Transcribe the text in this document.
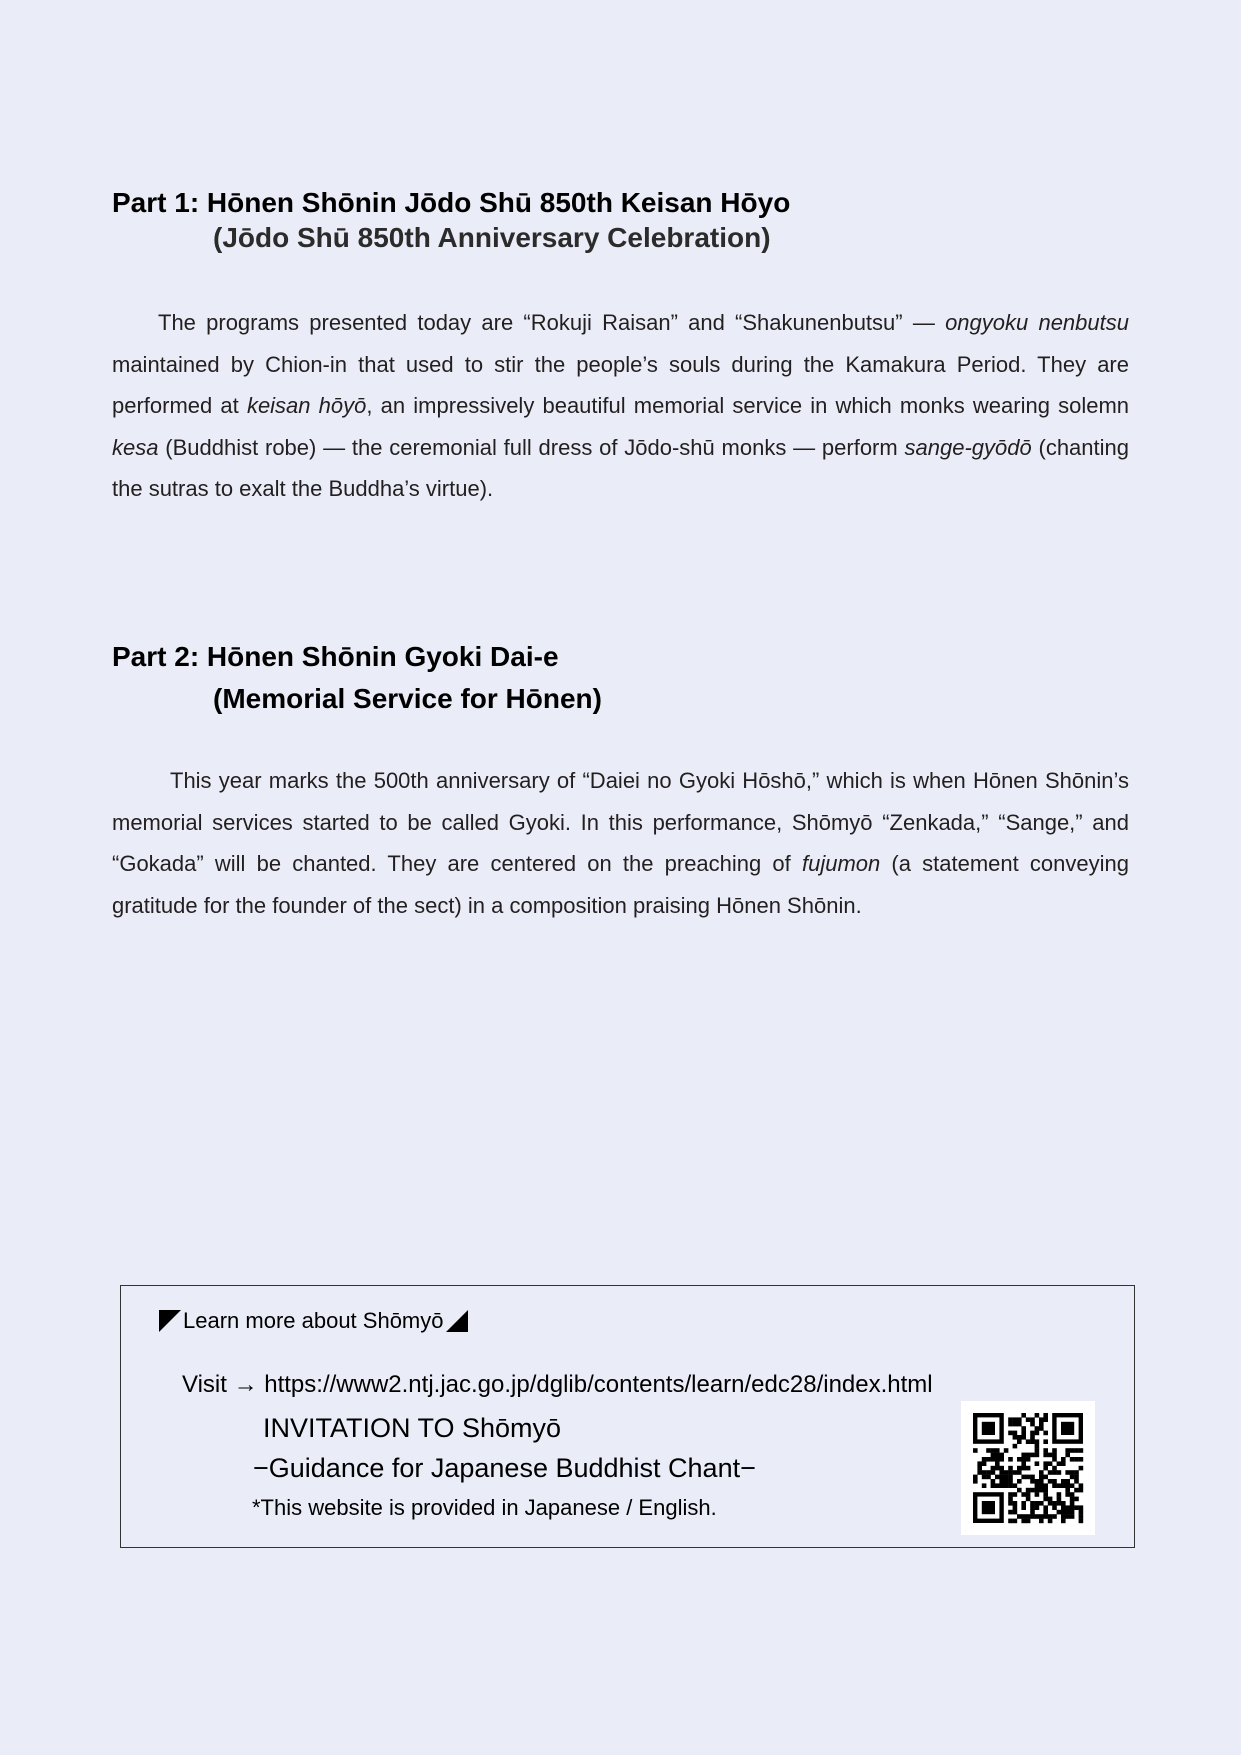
Part 1: Hōnen Shōnin Jōdo Shū 850th Keisan Hōyo
(Jōdo Shū 850th Anniversary Celebration)

The programs presented today are “Rokuji Raisan” and “Shakunenbutsu” — ongyoku nenbutsu maintained by Chion-in that used to stir the people’s souls during the Kamakura Period. They are performed at keisan hōyō, an impressively beautiful memorial service in which monks wearing solemn kesa (Buddhist robe) — the ceremonial full dress of Jōdo-shū monks — perform sange-gyōdō (chanting the sutras to exalt the Buddha’s virtue).

Part 2: Hōnen Shōnin Gyoki Dai-e
(Memorial Service for Hōnen)

This year marks the 500th anniversary of “Daiei no Gyoki Hōshō,” which is when Hōnen Shōnin’s memorial services started to be called Gyoki. In this performance, Shōmyō “Zenkada,” “Sange,” and “Gokada” will be chanted. They are centered on the preaching of fujumon (a statement conveying gratitude for the founder of the sect) in a composition praising Hōnen Shōnin.

Learn more about Shōmyō
Visit → https://www2.ntj.jac.go.jp/dglib/contents/learn/edc28/index.html
INVITATION TO Shōmyō
−Guidance for Japanese Buddhist Chant−
*This website is provided in Japanese / English.
